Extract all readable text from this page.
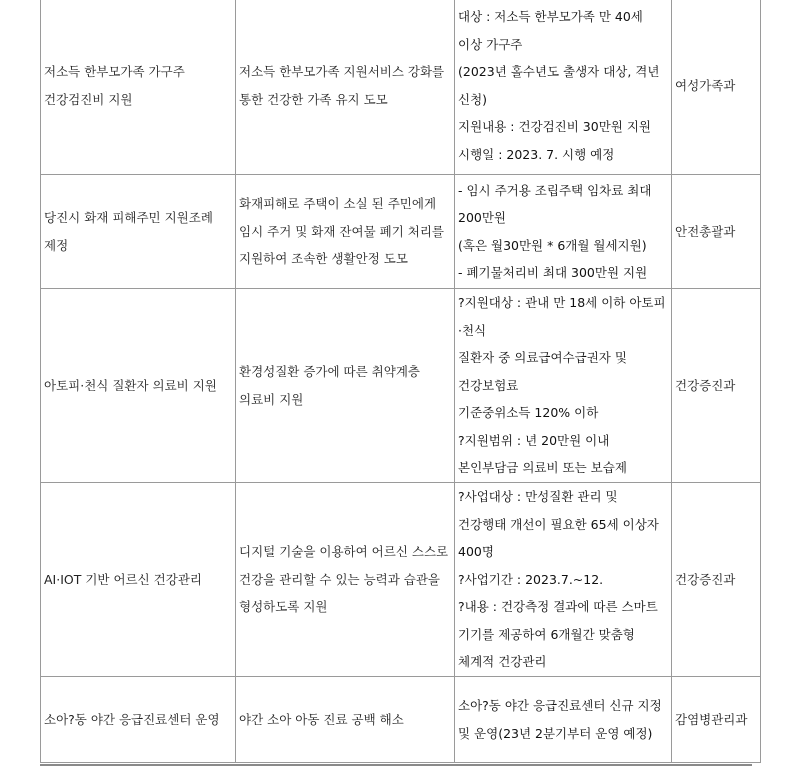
저소득 한부모가족 가구주 건강검진비 지원	저소득 한부모가족 지원서비스 강화를 통한 건강한 가족 유지 도모	대상 : 저소득 한부모가족 만 40세 이상 가구주
(2023년 홀수년도 출생자 대상, 격년 신청)
지원내용 : 건강검진비 30만원 지원
시행일 : 2023. 7. 시행 예정	여성가족과
당진시 화재 피해주민 지원조례 제정	화재피해로 주택이 소실 된 주민에게 임시 주거 및 화재 잔여물 폐기 처리를 지원하여 조속한 생활안정 도모	- 임시 주거용 조립주택 임차료 최대 200만원
(혹은 월30만원 * 6개월 월세지원)
- 폐기물처리비 최대 300만원 지원	안전총괄과
아토피·천식 질환자 의료비 지원	환경성질환 증가에 따른 취약계층 의료비 지원	?지원대상 : 관내 만 18세 이하 아토피·천식
질환자 중 의료급여수급권자 및 건강보험료
기준중위소득 120% 이하
?지원범위 : 년 20만원 이내 본인부담금 의료비 또는 보습제	건강증진과
AI·IOT 기반 어르신 건강관리	디지털 기술을 이용하여 어르신 스스로 건강을 관리할 수 있는 능력과 습관을 형성하도록 지원	?사업대상 : 만성질환 관리 및 건강행태 개선이 필요한 65세 이상자 400명
?사업기간 : 2023.7.~12.
?내용 : 건강측정 결과에 따른 스마트 기기를 제공하여 6개월간 맞춤형 체계적 건강관리	건강증진과
소아?동 야간 응급진료센터 운영	야간 소아 아동 진료 공백 해소	소아?동 야간 응급진료센터 신규 지정 및 운영(23년 2분기부터 운영 예정)	감염병관리과
